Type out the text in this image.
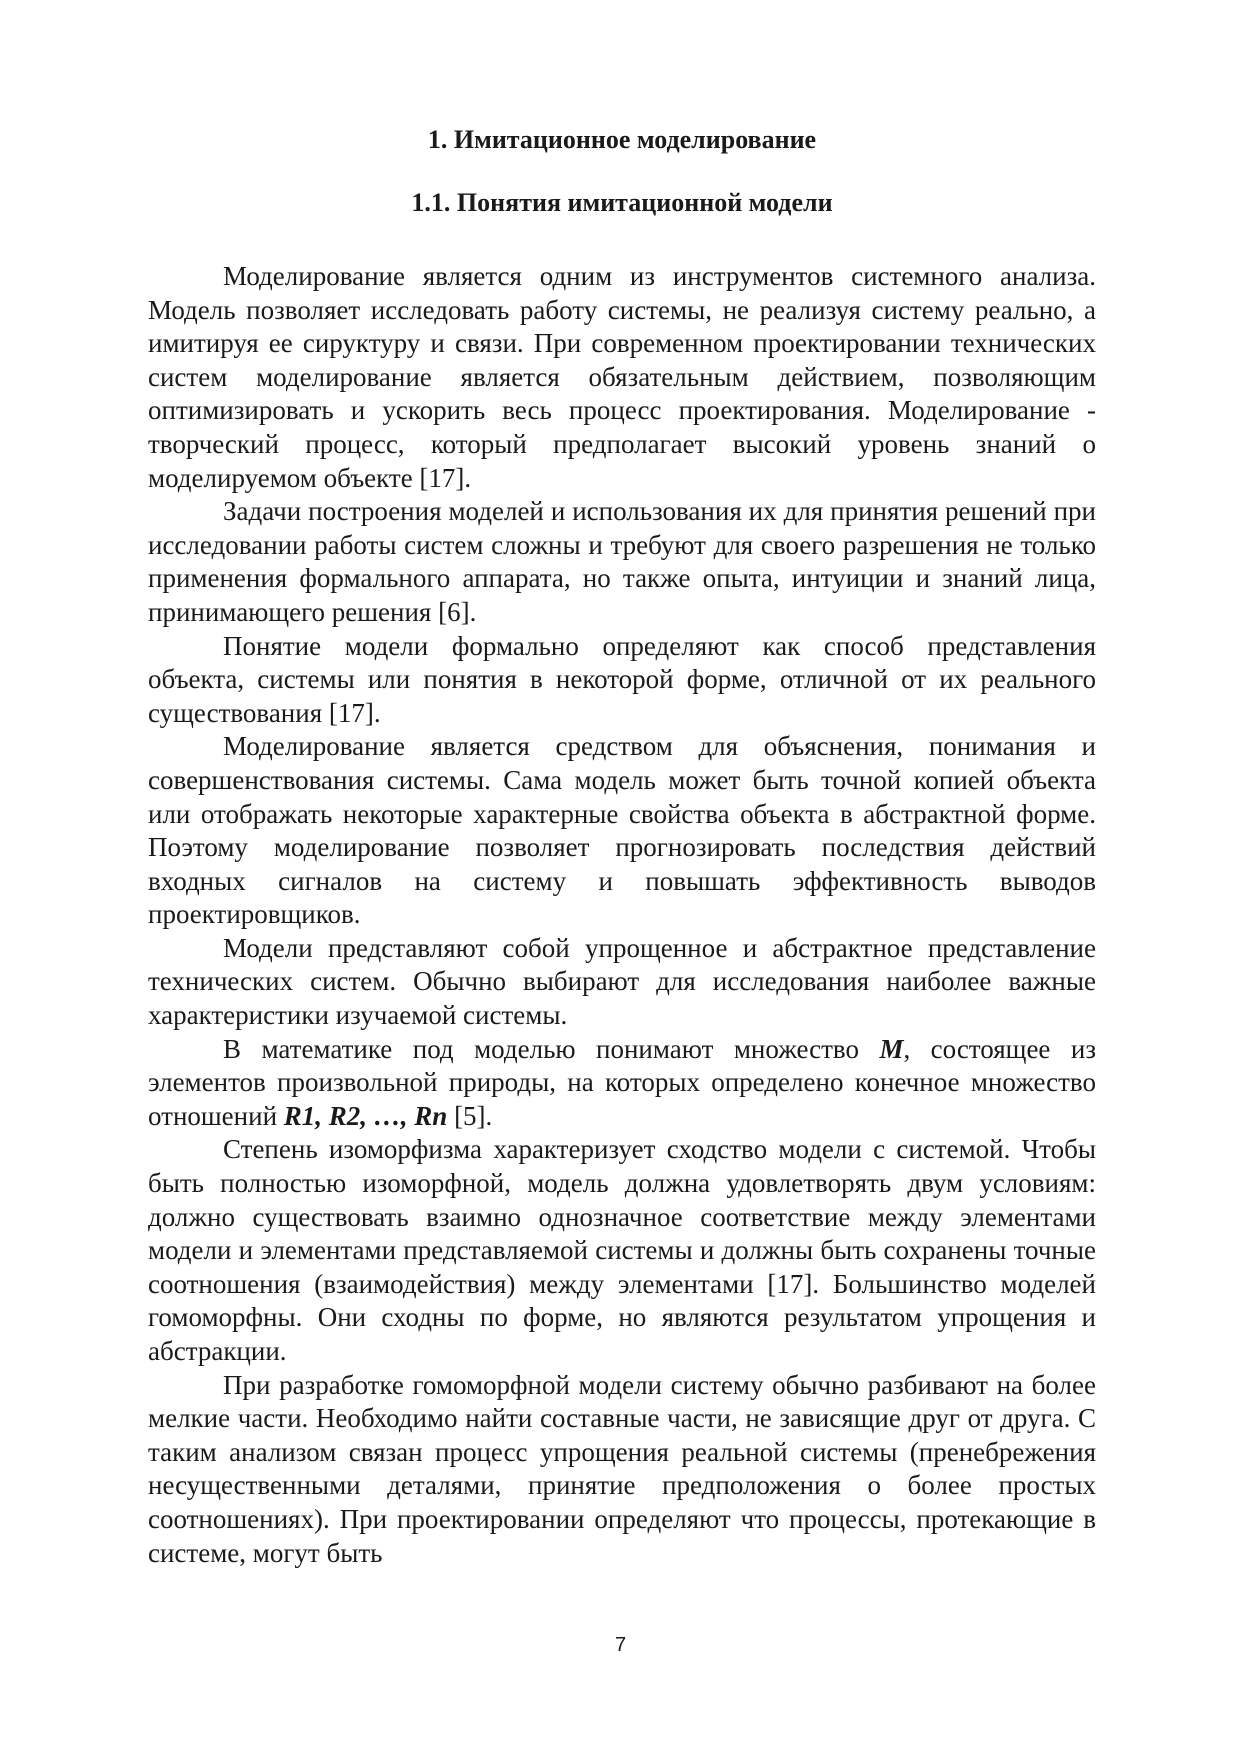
1. Имитационное моделирование
1.1. Понятия имитационной модели

Моделирование является одним из инструментов системного анализа. Модель позволяет исследовать работу системы, не реализуя систему реально, а имитируя ее сируктуру и связи. При современном проектировании технических систем моделирование является обязательным действием, позволяющим оптимизировать и ускорить весь процесс проектирования. Моделирование - творческий процесс, который предполагает высокий уровень знаний о моделируемом объекте [17].

Задачи построения моделей и использования их для принятия решений при исследовании работы систем сложны и требуют для своего разрешения не только применения формального аппарата, но также опыта, интуиции и знаний лица, принимающего решения [6].

Понятие модели формально определяют как способ представления объекта, системы или понятия в некоторой форме, отличной от их реального существования [17].

Моделирование является средством для объяснения, понимания и совершенствования системы. Сама модель может быть точной копией объекта или отображать некоторые характерные свойства объекта в абстрактной форме. Поэтому моделирование позволяет прогнозировать последствия действий входных сигналов на систему и повышать эффективность выводов проектировщиков.

Модели представляют собой упрощенное и абстрактное представление технических систем. Обычно выбирают для исследования наиболее важные характеристики изучаемой системы.

В математике под моделью понимают множество M, состоящее из элементов произвольной природы, на которых определено конечное множество отношений R1, R2, …, Rn [5].

Степень изоморфизма характеризует сходство модели с системой. Чтобы быть полностью изоморфной, модель должна удовлетворять двум условиям: должно существовать взаимно однозначное соответствие между элементами модели и элементами представляемой системы и должны быть сохранены точные соотношения (взаимодействия) между элементами [17]. Большинство моделей гомоморфны. Они сходны по форме, но являются результатом упрощения и абстракции.

При разработке гомоморфной модели систему обычно разбивают на более мелкие части. Необходимо найти составные части, не зависящие друг от друга. С таким анализом связан процесс упрощения реальной системы (пренебрежения несущественными деталями, принятие предположения о более простых соотношениях). При проектировании определяют что процессы, протекающие в системе, могут быть

7
